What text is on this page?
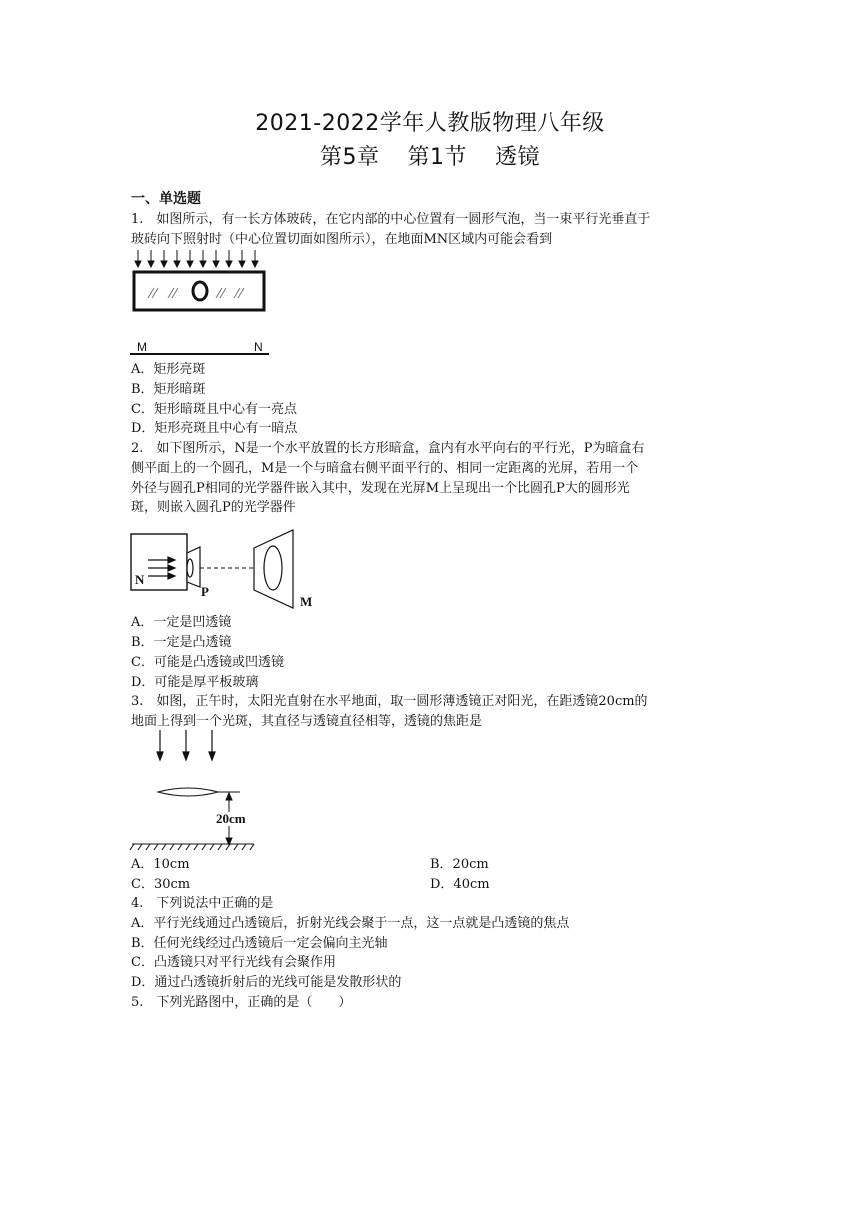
2021-2022学年人教版物理八年级
第5章 第1节 透镜
一、单选题
1.　如图所示，有一长方体玻砖，在它内部的中心位置有一圆形气泡，当一束平行光垂直于
玻砖向下照射时（中心位置切面如图所示），在地面MN区域内可能会看到
M	N
A．矩形亮斑
B．矩形暗斑
C．矩形暗斑且中心有一亮点
D．矩形亮斑且中心有一暗点
2.　如下图所示，N是一个水平放置的长方形暗盒，盒内有水平向右的平行光，P为暗盒右
侧平面上的一个圆孔，M是一个与暗盒右侧平面平行的、相同一定距离的光屏，若用一个
外径与圆孔P相同的光学器件嵌入其中，发现在光屏M上呈现出一个比圆孔P大的圆形光
斑，则嵌入圆孔P的光学器件
N
P
M
A．一定是凹透镜
B．一定是凸透镜
C．可能是凸透镜或凹透镜
D．可能是厚平板玻璃
3.　如图，正午时，太阳光直射在水平地面，取一圆形薄透镜正对阳光，在距透镜20cm的
地面上得到一个光斑，其直径与透镜直径相等，透镜的焦距是
20cm
A．10cm	B．20cm
C．30cm	D．40cm
4.　下列说法中正确的是
A．平行光线通过凸透镜后，折射光线会聚于一点，这一点就是凸透镜的焦点
B．任何光线经过凸透镜后一定会偏向主光轴
C．凸透镜只对平行光线有会聚作用
D．通过凸透镜折射后的光线可能是发散形状的
5.　下列光路图中，正确的是（　　）
